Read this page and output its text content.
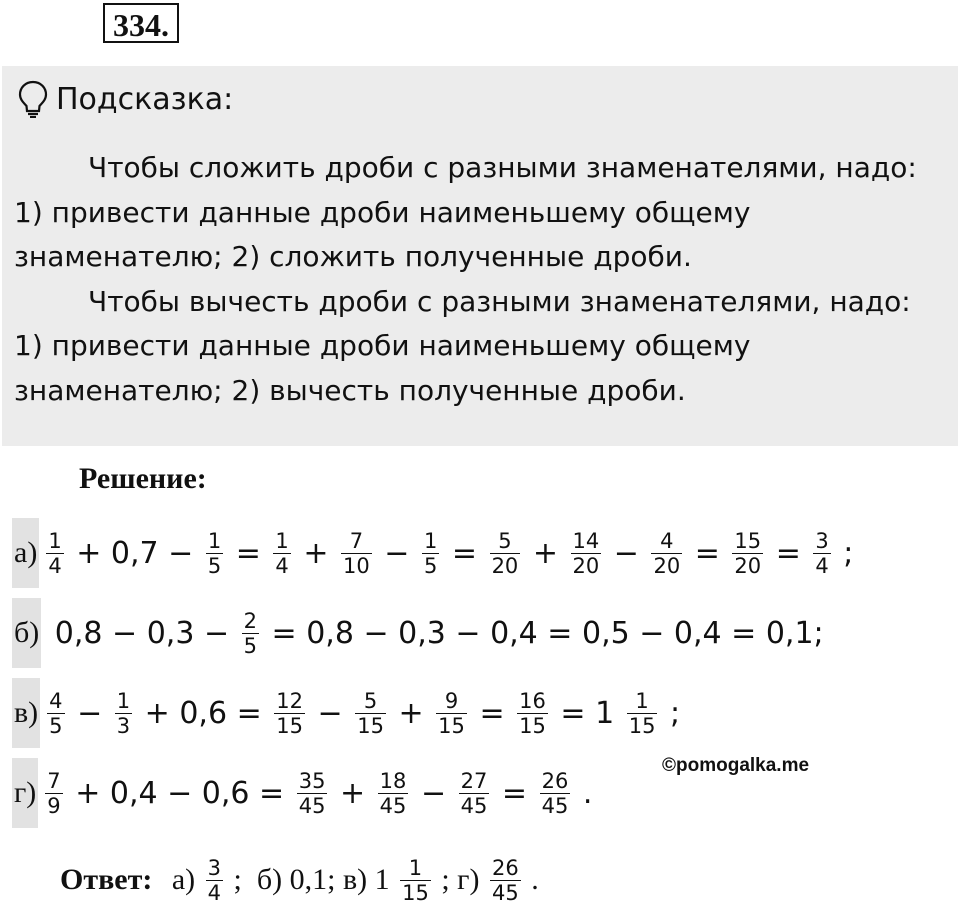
334.
Подсказка:

Чтобы сложить дроби с разными знаменателями, надо:

1) привести данные дроби наименьшему общему

знаменателю; 2) сложить полученные дроби.

Чтобы вычесть дроби с разными знаменателями, надо:

1) привести данные дроби наименьшему общему

знаменателю; 2) вычесть полученные дроби.

Решение:
$а) \frac{1}{4} + 0,7 - \frac{1}{5} = \frac{1}{4} + \frac{7}{10} - \frac{1}{5} = \frac{5}{20} + \frac{14}{20} - \frac{4}{20} = \frac{15}{20} = \frac{3}{4}$ ;
б) $0,8 - 0,3 - \frac{2}{5} = 0,8 - 0,3 - 0,4 = 0,5 - 0,4 = 0,1$;
$в) \frac{4}{5} - \frac{1}{3} + 0,6 = \frac{12}{15} - \frac{5}{15} + \frac{9}{15} = \frac{16}{15} = 1 \frac{1}{15}$ ;
$г) \frac{7}{9} + 0,4 - 0,6 = \frac{35}{45} + \frac{18}{45} - \frac{27}{45} = \frac{26}{45}$ .
©pomogalka.me
Ответ: $а) \frac{3}{4}$ ;  б) 0,1; в) $1 \frac{1}{15}$ ; $г) \frac{26}{45}$ .
